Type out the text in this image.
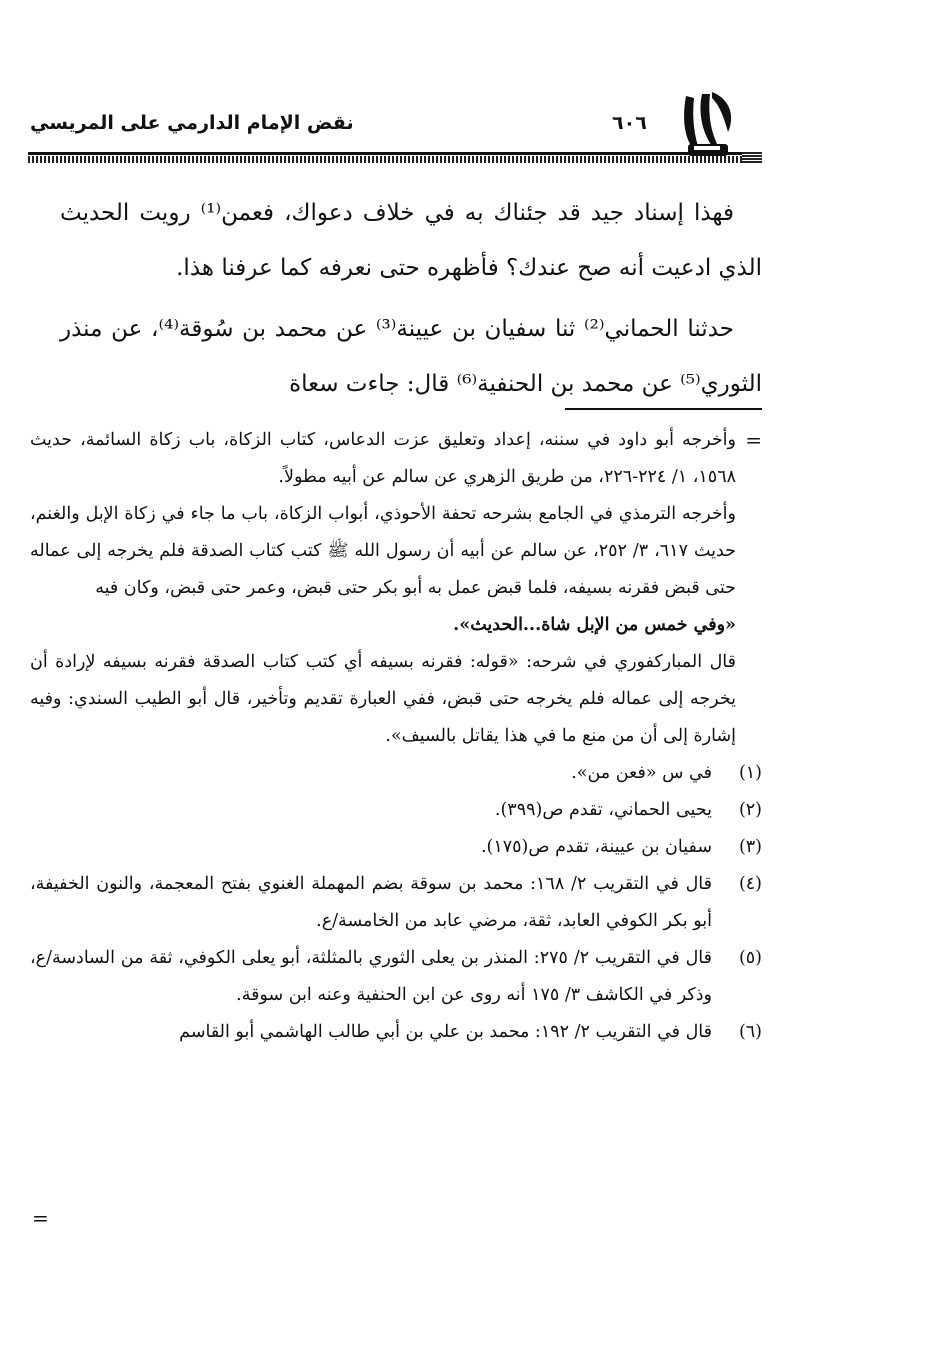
نقض الإمام الدارمي على المريسي	٦٠٦

فهذا إسناد جيد قد جئناك به في خلاف دعواك، فعمن⁽¹⁾ رويت الحديث الذي ادعيت أنه صح عندك؟ فأظهره حتى نعرفه كما عرفنا هذا.

حدثنا الحماني⁽²⁾ ثنا سفيان بن عيينة⁽³⁾ عن محمد بن سُوقة⁽⁴⁾، عن منذر الثوري⁽⁵⁾ عن محمد بن الحنفية⁽⁶⁾ قال: جاءت سعاة

=

وأخرجه أبو داود في سننه، إعداد وتعليق عزت الدعاس، كتاب الزكاة، باب زكاة السائمة، حديث ١٥٦٨، ١/ ٢٢٤-٢٢٦، من طريق الزهري عن سالم عن أبيه مطولاً.

وأخرجه الترمذي في الجامع بشرحه تحفة الأحوذي، أبواب الزكاة، باب ما جاء في زكاة الإبل والغنم، حديث ٦١٧، ٣/ ٢٥٢، عن سالم عن أبيه أن رسول الله ﷺ كتب كتاب الصدقة فلم يخرجه إلى عماله حتى قبض فقرنه بسيفه، فلما قبض عمل به أبو بكر حتى قبض، وعمر حتى قبض، وكان فيه

«وفي خمس من الإبل شاة...الحديث».

قال المباركفوري في شرحه: «قوله: فقرنه بسيفه أي كتب كتاب الصدقة فقرنه بسيفه لإرادة أن يخرجه إلى عماله فلم يخرجه حتى قبض، ففي العبارة تقديم وتأخير، قال أبو الطيب السندي: وفيه إشارة إلى أن من منع ما في هذا يقاتل بالسيف».

(١)
في س «فعن من».
(٢)
يحيى الحماني، تقدم ص(٣٩٩).
(٣)
سفيان بن عيينة، تقدم ص(١٧٥).
(٤)
قال في التقريب ٢/ ١٦٨: محمد بن سوقة بضم المهملة الغنوي بفتح المعجمة، والنون الخفيفة، أبو بكر الكوفي العابد، ثقة، مرضي عابد من الخامسة/ع.
(٥)
قال في التقريب ٢/ ٢٧٥: المنذر بن يعلى الثوري بالمثلثة، أبو يعلى الكوفي، ثقة من السادسة/ع، وذكر في الكاشف ٣/ ١٧٥ أنه روى عن ابن الحنفية وعنه ابن سوقة.
(٦)
قال في التقريب ٢/ ١٩٢: محمد بن علي بن أبي طالب الهاشمي أبو القاسم
=
